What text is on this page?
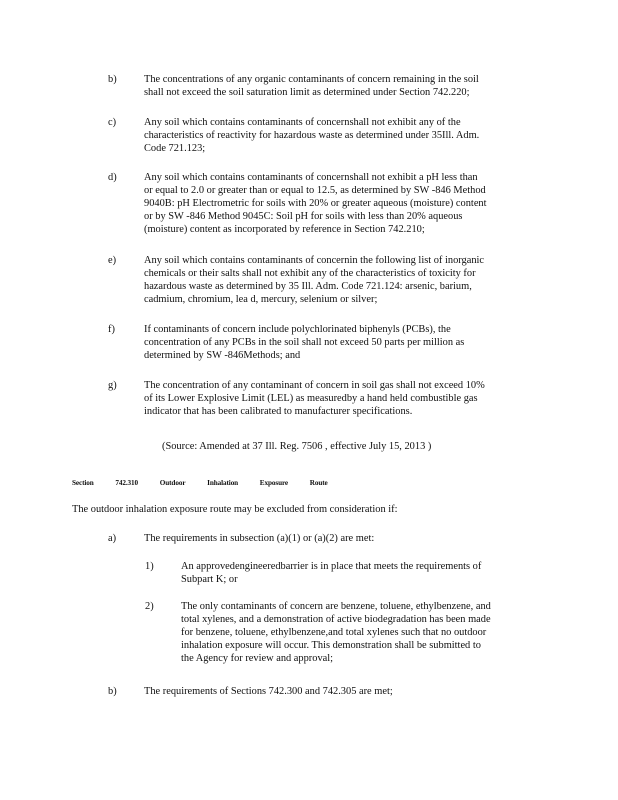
b)	The concentrations of any organic contaminants of concern remaining in the soil
shall not exceed the soil saturation limit as determined under Section 742.220;
c)	Any soil which contains contaminants of concernshall not exhibit any of the
characteristics of reactivity for hazardous waste as determined under 35Ill. Adm.
Code 721.123;
d)	Any soil which contains contaminants of concernshall not exhibit a pH less than
or equal to 2.0 or greater than or equal to 12.5, as determined by SW -846 Method
9040B: pH Electrometric for soils with 20% or greater aqueous (moisture) content
or by SW -846 Method 9045C: Soil pH for soils with less than 20% aqueous
(moisture) content as incorporated by reference in Section 742.210;
e)	Any soil which contains contaminants of concernin the following list of inorganic
chemicals or their salts shall not exhibit any of the characteristics of toxicity for
hazardous waste as determined by 35 Ill. Adm. Code 721.124: arsenic, barium,
cadmium, chromium, lea d, mercury, selenium or silver;
f)	If contaminants of concern include polychlorinated biphenyls (PCBs), the
concentration of any PCBs in the soil shall not exceed 50 parts per million as
determined by SW -846Methods; and
g)	The concentration of any contaminant of concern in soil gas shall not exceed 10%
of its Lower Explosive Limit (LEL) as measuredby a hand held combustible gas
indicator that has been calibrated to manufacturer specifications.
(Source: Amended at 37 Ill. Reg. 7506 , effective July 15, 2013 )
Section	742.310	Outdoor	Inhalation	Exposure	Route
The outdoor inhalation exposure route may be excluded from consideration if:
a)	The requirements in subsection (a)(1) or (a)(2) are met:
1)	An approvedengineeredbarrier is in place that meets the requirements of
Subpart K; or
2)	The only contaminants of concern are benzene, toluene, ethylbenzene, and
total xylenes, and a demonstration of active biodegradation has been made
for benzene, toluene, ethylbenzene,and total xylenes such that no outdoor
inhalation exposure will occur. This demonstration shall be submitted to
the Agency for review and approval;
b)	The requirements of Sections 742.300 and 742.305 are met;
